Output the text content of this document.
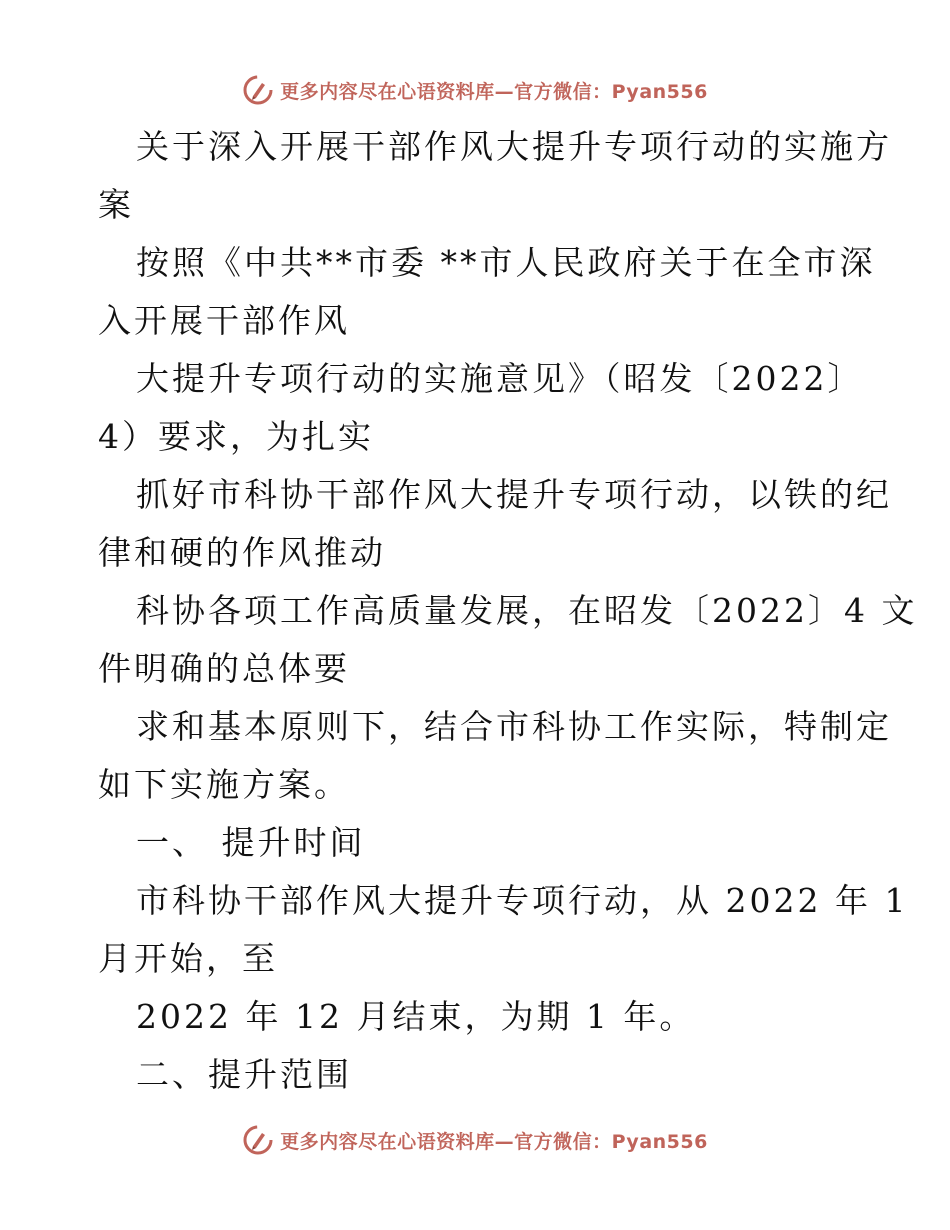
更多内容尽在心语资料库—官方微信：Pyan556
关于深入开展干部作风大提升专项行动的实施方
案
按照《中共**市委 **市人民政府关于在全市深
入开展干部作风
大提升专项行动的实施意见》（昭发〔2022〕
4）要求，为扎实
抓好市科协干部作风大提升专项行动，以铁的纪
律和硬的作风推动
科协各项工作高质量发展，在昭发〔2022〕4 文
件明确的总体要
求和基本原则下，结合市科协工作实际，特制定
如下实施方案。
一、 提升时间
市科协干部作风大提升专项行动，从 2022 年 1
月开始，至
2022 年 12 月结束，为期 1 年。
二、提升范围
更多内容尽在心语资料库—官方微信：Pyan556
